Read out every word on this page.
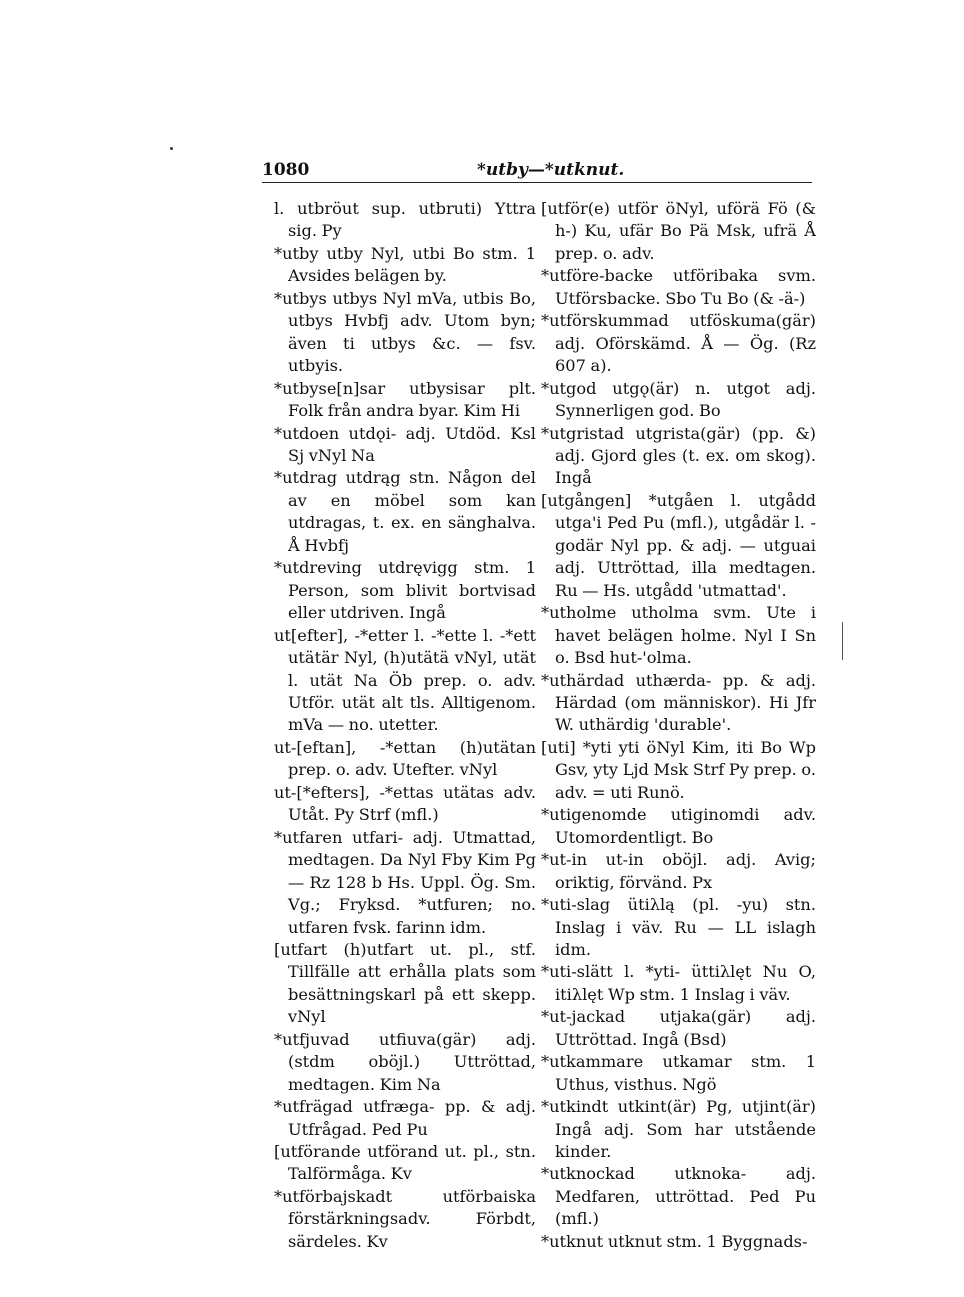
1080	*utby—*utknut.
l. utbröut sup. utbruti) Yttra sig. Py
*utby utby Nyl, utbi Bo stm. 1 Avsides belägen by.
*utbys utbys Nyl mVa, utbis Bo, utbys Hvbfj adv. Utom byn; även ti utbys &c. — fsv. utbyis.
*utbyse[n]sar utbysisar plt. Folk från andra byar. Kim Hi
*utdoen utdǫi- adj. Utdöd. Ksl Sj vNyl Na
*utdrag utdrąg stn. Någon del av en möbel som kan utdragas, t. ex. en sänghalva. Å Hvbfj
*utdreving utdręvigg stm. 1 Person, som blivit bortvisad eller utdriven. Ingå
ut[efter], -*etter l. -*ette l. -*ett utätär Nyl, (h)utätä vNyl, utät l. utät Na Öb prep. o. adv. Utför. utät alt tls. Alltigenom. mVa — no. utetter.
ut-[eftan], -*ettan (h)utätan prep. o. adv. Utefter. vNyl
ut-[*efters], -*ettas utätas adv. Utåt. Py Strf (mfl.)
*utfaren utfari- adj. Utmattad, medtagen. Da Nyl Fby Kim Pg — Rz 128 b Hs. Uppl. Ög. Sm. Vg.; Fryksd. *utfuren; no. utfaren fvsk. farinn idm.
[utfart (h)utfart ut. pl., stf. Tillfälle att erhålla plats som besättningskarl på ett skepp. vNyl
*utfjuvad utfiuva(gär) adj. (stdm oböjl.) Uttröttad, medtagen. Kim Na
*utfrägad utfræga- pp. & adj. Utfrågad. Ped Pu
[utförande utförand ut. pl., stn. Talförmåga. Kv
*utförbajskadt utförbaiska förstärkningsadv. Förbdt, särdeles. Kv
[utför(e) utför öNyl, uförä Fö (& h-) Ku, ufär Bo Pä Msk, ufrä Å prep. o. adv.
*utföre-backe utföribaka svm. Utförsbacke. Sbo Tu Bo (& -ä-)
*utförskummad utföskuma(gär) adj. Oförskämd. Å — Ög. (Rz 607 a).
*utgod utgǫ(är) n. utgot adj. Synnerligen god. Bo
*utgristad utgrista(gär) (pp. &) adj. Gjord gles (t. ex. om skog). Ingå
[utgången] *utgåen l. utgådd utga'i Ped Pu (mfl.), utgådär l. -godär Nyl pp. & adj. — utguai adj. Uttröttad, illa medtagen. Ru — Hs. utgådd 'utmattad'.
*utholme utholma svm. Ute i havet belägen holme. Nyl I Sn o. Bsd hut-'olma.
*uthärdad uthærda- pp. & adj. Härdad (om människor). Hi Jfr W. uthärdig 'durable'.
[uti] *yti yti öNyl Kim, iti Bo Wp Gsv, yty Ljd Msk Strf Py prep. o. adv. = uti Runö.
*utigenomde utiginomdi adv. Utomordentligt. Bo
*ut-in ut-in oböjl. adj. Avig; oriktig, förvänd. Px
*uti-slag ütiλlą (pl. -yu) stn. Inslag i väv. Ru — LL islagh idm.
*uti-slätt l. *yti- üttiλlęt Nu O, itiλlęt Wp stm. 1 Inslag i väv.
*ut-jackad utjaka(gär) adj. Uttröttad. Ingå (Bsd)
*utkammare utkamar stm. 1 Uthus, visthus. Ngö
*utkindt utkint(är) Pg, utjint(är) Ingå adj. Som har utstående kinder.
*utknockad utknoka- adj. Medfaren, uttröttad. Ped Pu (mfl.)
*utknut utknut stm. 1 Byggnads-
